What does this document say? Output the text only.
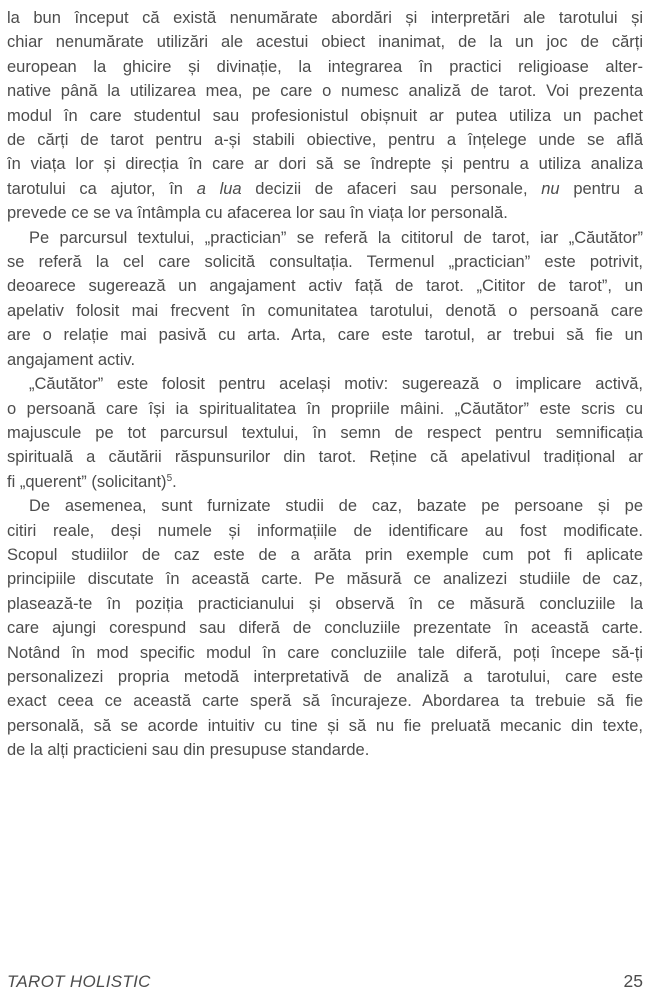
la bun început că există nenumărate abordări și interpretări ale tarotului și
chiar nenumărate utilizări ale acestui obiect inanimat, de la un joc de cărți
european la ghicire și divinație, la integrarea în practici religioase alter-
native până la utilizarea mea, pe care o numesc analiză de tarot. Voi prezenta
modul în care studentul sau profesionistul obișnuit ar putea utiliza un pachet
de cărți de tarot pentru a-și stabili obiective, pentru a înțelege unde se află
în viața lor și direcția în care ar dori să se îndrepte și pentru a utiliza analiza
tarotului ca ajutor, în a lua decizii de afaceri sau personale, nu pentru a
prevede ce se va întâmpla cu afacerea lor sau în viața lor personală.
Pe parcursul textului, „practician” se referă la cititorul de tarot, iar „Căutător”
se referă la cel care solicită consultația. Termenul „practician” este potrivit,
deoarece sugerează un angajament activ față de tarot. „Cititor de tarot”, un
apelativ folosit mai frecvent în comunitatea tarotului, denotă o persoană care
are o relație mai pasivă cu arta. Arta, care este tarotul, ar trebui să fie un
angajament activ.
„Căutător” este folosit pentru același motiv: sugerează o implicare activă,
o persoană care își ia spiritualitatea în propriile mâini. „Căutător” este scris cu
majuscule pe tot parcursul textului, în semn de respect pentru semnificația
spirituală a căutării răspunsurilor din tarot. Reține că apelativul tradițional ar
fi „querent” (solicitant)$^5$.
De asemenea, sunt furnizate studii de caz, bazate pe persoane și pe
citiri reale, deși numele și informațiile de identificare au fost modificate.
Scopul studiilor de caz este de a arăta prin exemple cum pot fi aplicate
principiile discutate în această carte. Pe măsură ce analizezi studiile de caz,
plasează-te în poziția practicianului și observă în ce măsură concluziile la
care ajungi corespund sau diferă de concluziile prezentate în această carte.
Notând în mod specific modul în care concluziile tale diferă, poți începe să-ți
personalizezi propria metodă interpretativă de analiză a tarotului, care este
exact ceea ce această carte speră să încurajeze. Abordarea ta trebuie să fie
personală, să se acorde intuitiv cu tine și să nu fie preluată mecanic din texte,
de la alți practicieni sau din presupuse standarde.
TAROT HOLISTIC	25
